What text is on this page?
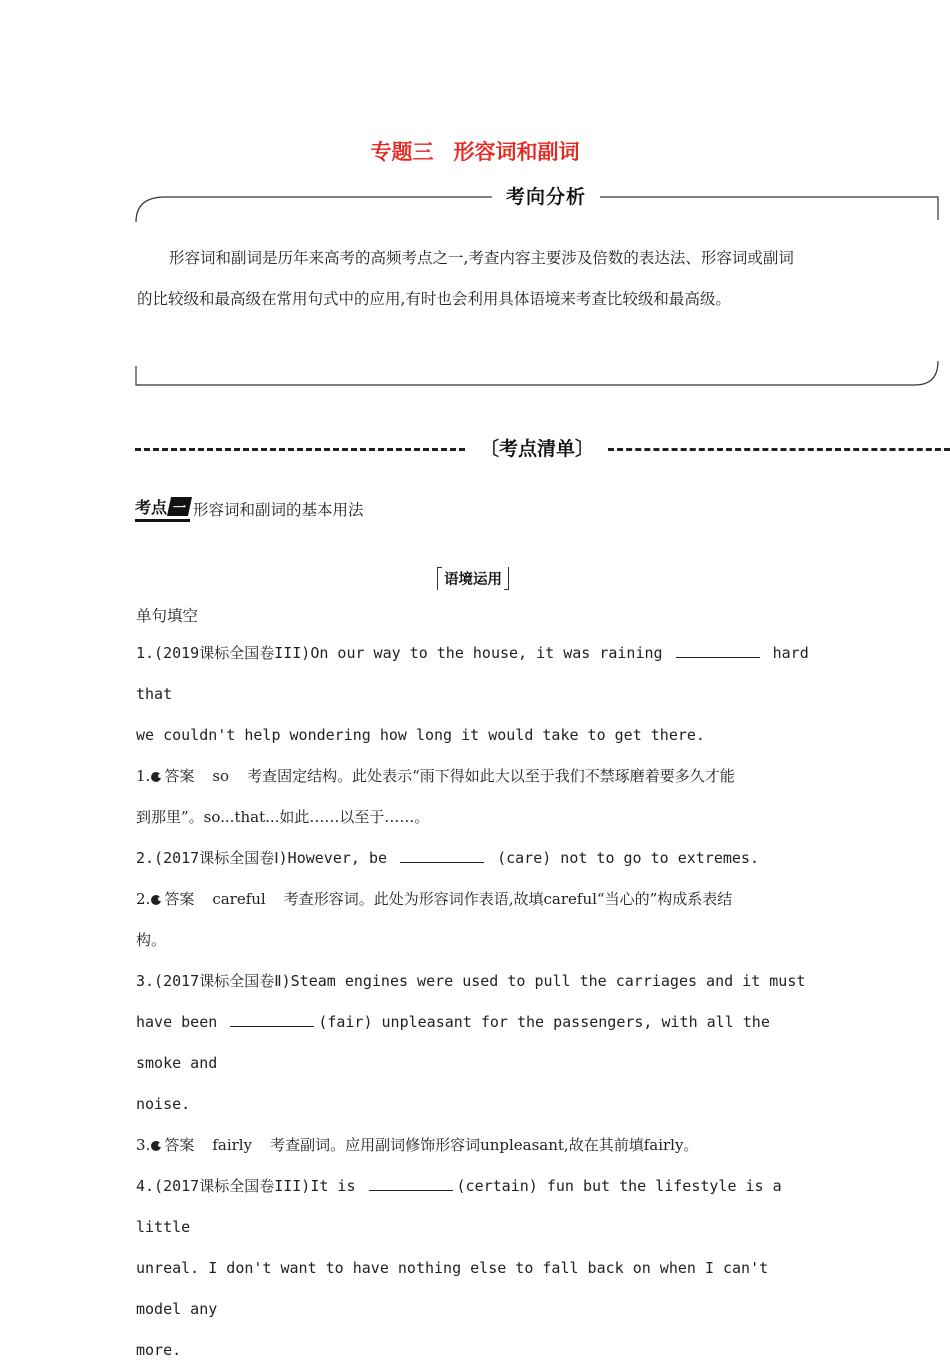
专题三 形容词和副词
考向分析
形容词和副词是历年来高考的高频考点之一,考查内容主要涉及倍数的表达法、形容词或副词的比较级和最高级在常用句式中的应用,有时也会利用具体语境来考查比较级和最高级。
〔考点清单〕
考点 一 形容词和副词的基本用法
语境运用
单句填空

1.(2019课标全国卷III)On our way to the house, it was raining	hard that

we couldn't help wondering how long it would take to get there.

1. 答案 so 考查固定结构。此处表示“雨下得如此大以至于我们不禁琢磨着要多久才能

到那里”。so...that...如此……以至于……。

2.(2017课标全国卷Ⅰ)However, be	(care) not to go to extremes.

2. 答案 careful 考查形容词。此处为形容词作表语,故填careful“当心的”构成系表结

构。

3.(2017课标全国卷Ⅱ)Steam engines were used to pull the carriages and it must

have been	(fair) unpleasant for the passengers, with all the smoke and

noise.

3. 答案 fairly 考查副词。应用副词修饰形容词unpleasant,故在其前填fairly。

4.(2017课标全国卷III)It is	(certain) fun but the lifestyle is a little

unreal. I don't want to have nothing else to fall back on when I can't model any

more.
